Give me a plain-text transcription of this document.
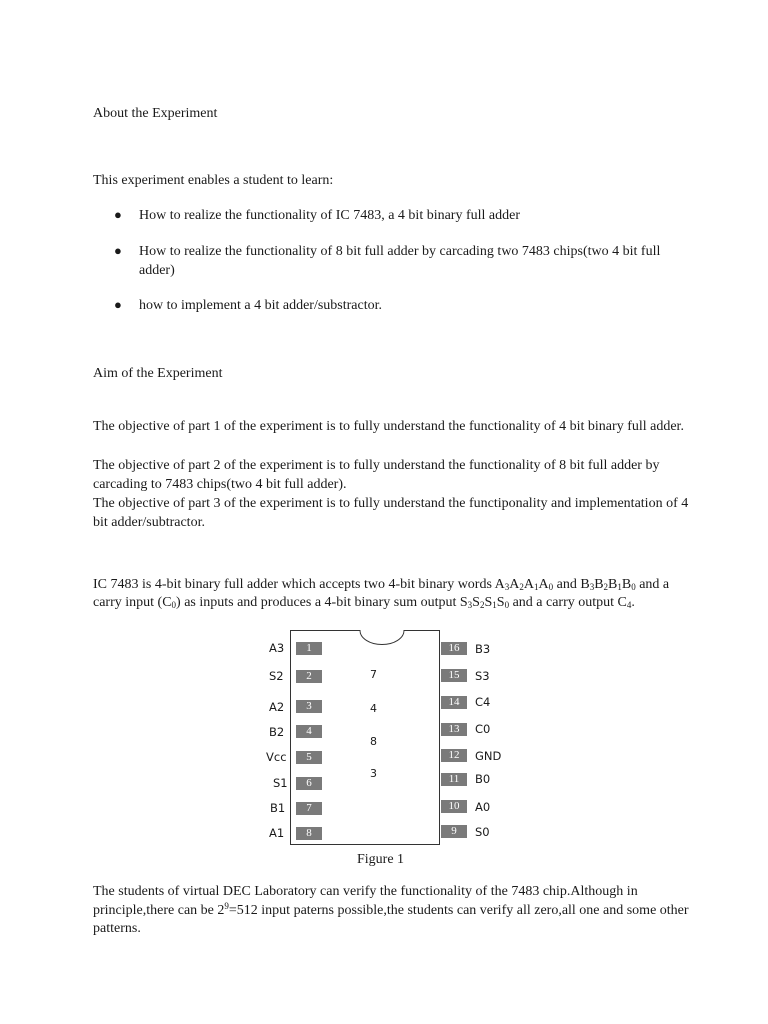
About the Experiment
This experiment enables a student to learn:
● How to realize the functionality of IC 7483, a 4 bit binary full adder
● How to realize the functionality of 8 bit full adder by carcading two 7483 chips(two 4 bit full adder)
● how to implement a 4 bit adder/substractor.
Aim of the Experiment
The objective of part 1 of the experiment is to fully understand the functionality of 4 bit binary full adder.
The objective of part 2 of the experiment is to fully understand the functionality of 8 bit full adder by carcading to 7483 chips(two 4 bit full adder).
The objective of part 3 of the experiment is to fully understand the functiponality and implementation of 4 bit adder/subtractor.
IC 7483 is 4-bit binary full adder which accepts two 4-bit binary words $A_3A_2A_1A_0$ and $B_3B_2B_1B_0$ and a carry input $(C_0)$ as inputs and produces a 4-bit binary sum output $S_3S_2S_1S_0$ and a carry output $C_4$.
7
4
8
3
1
A3
2
S2
3
A2
4
B2
5
Vcc
6
S1
7
B1
8
A1
16	B3
15	S3
14	C4
13	C0
12	GND
11	B0
10	A0
9	S0
Figure 1
The students of virtual DEC Laboratory can verify the functionality of the 7483 chip.Although in principle,there can be $2^9=512$ input paterns possible,the students can verify all zero,all one and some other patterns.
